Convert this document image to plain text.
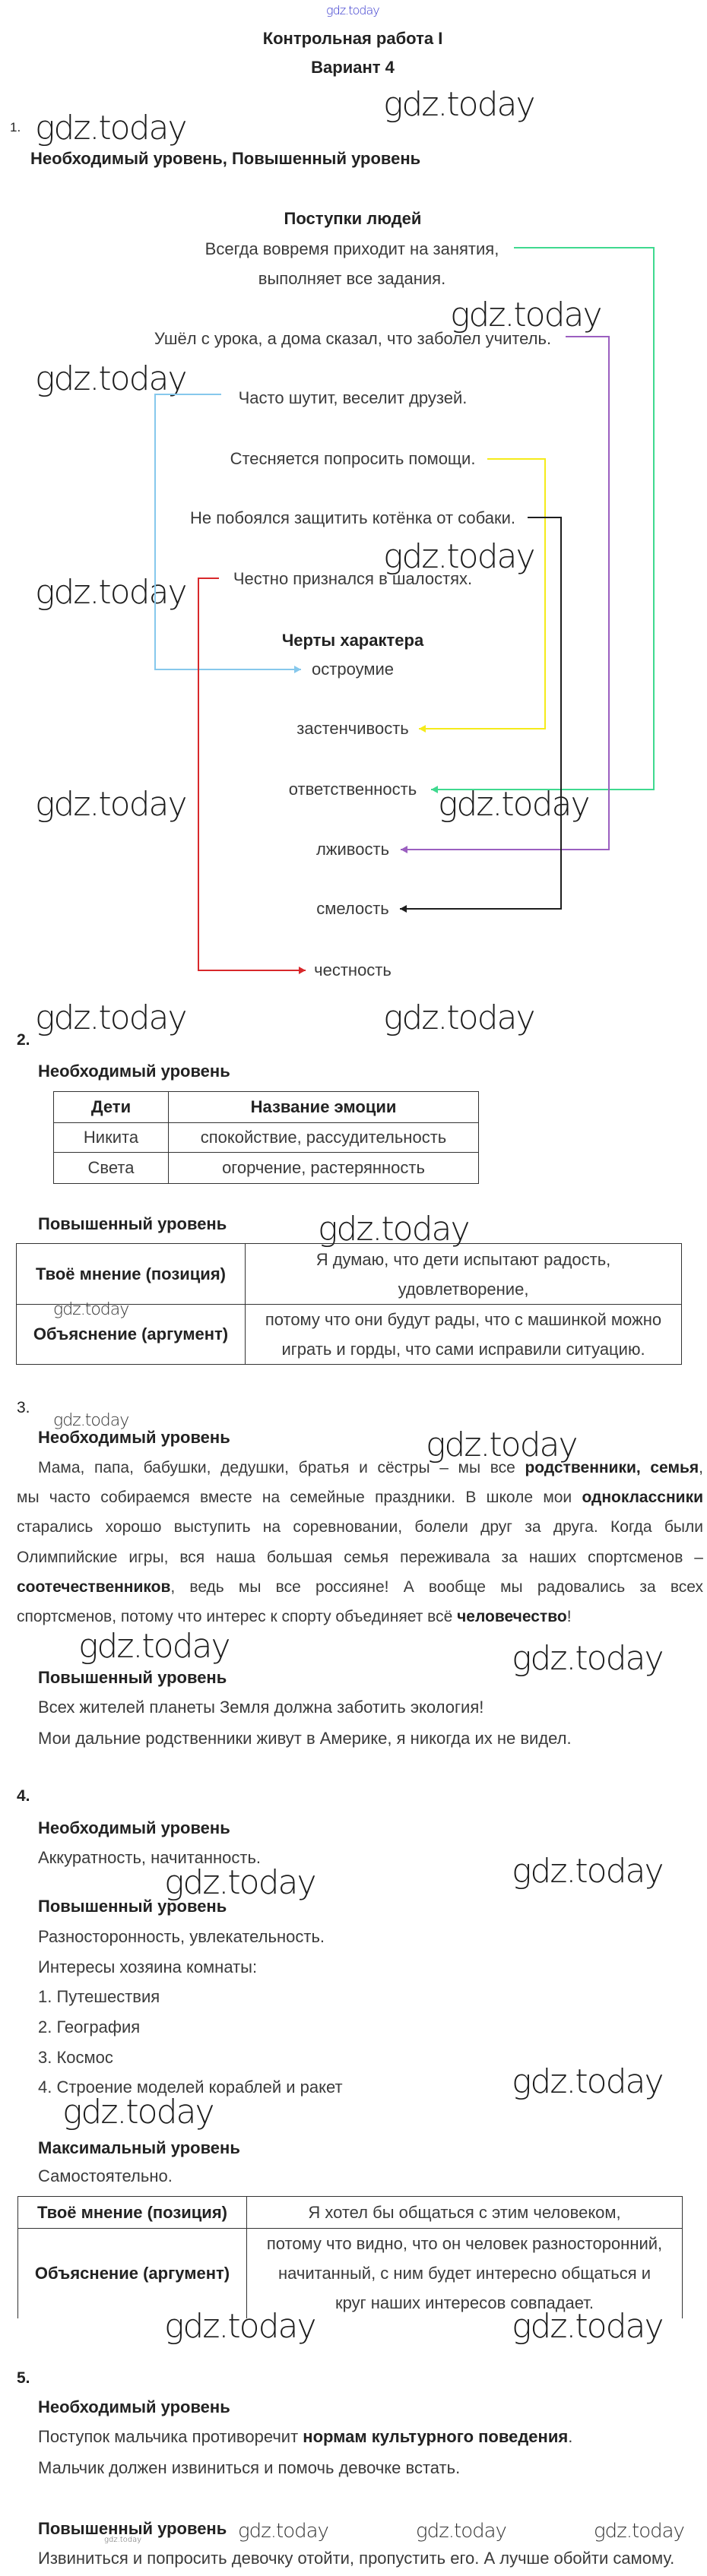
gdz.today
gdz.today
gdz.today
gdz.today
gdz.today
gdz.today
gdz.today
gdz.today	gdz.today
gdz.today	gdz.today
gdz.today
gdz.today
gdz.today
gdz.today
gdz.today	gdz.today
gdz.today
gdz.today
gdz.today
gdz.today
gdz.today	gdz.today
gdz.today	gdz.today	gdz.today
gdz.today
Контрольная работа I
Вариант 4
1.
Необходимый уровень, Повышенный уровень
Поступки людей
Всегда вовремя приходит на занятия,
выполняет все задания.
Ушёл с урока, а дома сказал, что заболел учитель.
Часто шутит, веселит друзей.
Стесняется попросить помощи.
Не побоялся защитить котёнка от собаки.
Честно признался в шалостях.
Черты характера
остроумие
застенчивость
ответственность
лживость
смелость
честность
2.
Необходимый уровень
Дети	Название эмоции
Никита	спокойствие, рассудительность
Света	огорчение, растерянность
Повышенный уровень
Твоё мнение (позиция)	Я думаю, что дети испытают радость,
удовлетворение,

Объяснение (аргумент)	потому что они будут рады, что с машинкой можно
играть и горды, что сами исправили ситуацию.
3.
Необходимый уровень
Мама, папа, бабушки, дедушки, братья и сёстры – мы все родственники, семья,
мы часто собираемся вместе на семейные праздники. В школе мои одноклассники
старались хорошо выступить на соревновании, болели друг за друга. Когда были
Олимпийские игры, вся наша большая семья переживала за наших спортсменов –
соотечественников, ведь мы все россияне! А вообще мы радовались за всех
спортсменов, потому что интерес к спорту объединяет всё человечество!
Повышенный уровень
Всех жителей планеты Земля должна заботить экология!
Мои дальние родственники живут в Америке, я никогда их не видел.
4.
Необходимый уровень
Аккуратность, начитанность.
Повышенный уровень
Разносторонность, увлекательность.
Интересы хозяина комнаты:
1. Путешествия
2. География
3. Космос
4. Строение моделей кораблей и ракет
Максимальный уровень
Самостоятельно.
Твоё мнение (позиция)	Я хотел бы общаться с этим человеком,

Объяснение (аргумент)	потому что видно, что он человек разносторонний,
начитанный, с ним будет интересно общаться и
круг наших интересов совпадает.
5.
Необходимый уровень
Поступок мальчика противоречит нормам культурного поведения.
Мальчик должен извиниться и помочь девочке встать.
Повышенный уровень
Извиниться и попросить девочку отойти, пропустить его. А лучше обойти самому.
